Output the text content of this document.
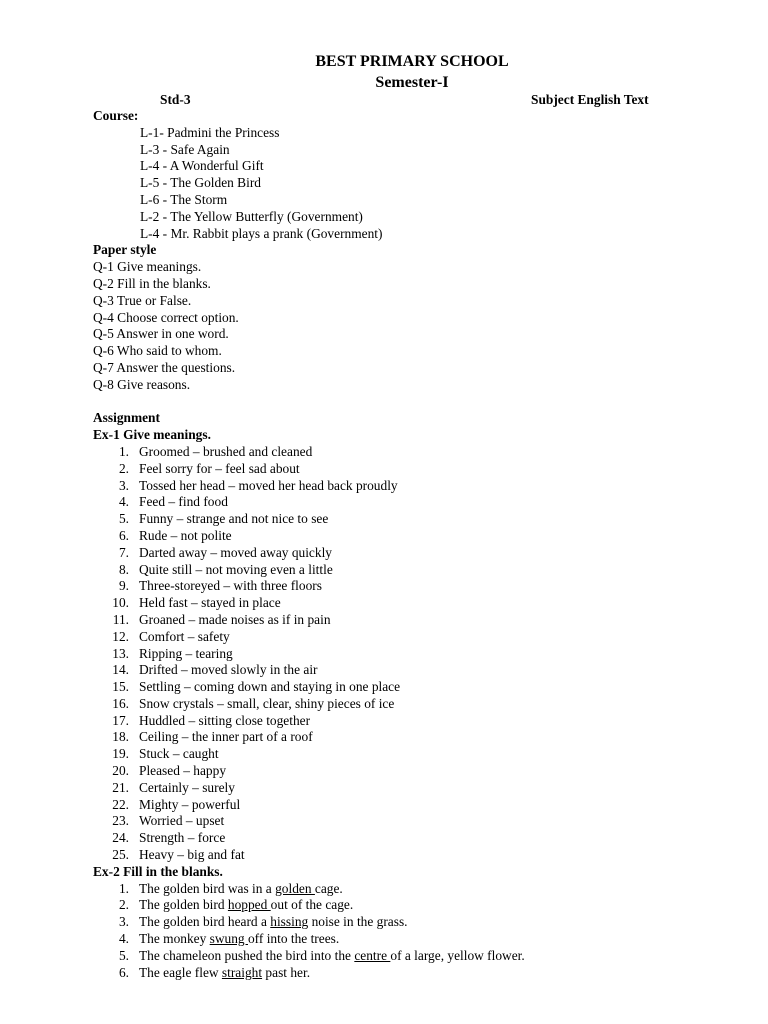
BEST PRIMARY SCHOOL
Semester-I
Std-3	Subject English Text
Course:
L-1- Padmini the Princess
L-3 - Safe Again
L-4 - A Wonderful Gift
L-5 - The Golden Bird
L-6 - The Storm
L-2 - The Yellow Butterfly (Government)
L-4 - Mr. Rabbit plays a prank (Government)
Paper style
Q-1 Give meanings.
Q-2 Fill in the blanks.
Q-3 True or False.
Q-4 Choose correct option.
Q-5 Answer in one word.
Q-6 Who said to whom.
Q-7 Answer the questions.
Q-8 Give reasons.
Assignment
Ex-1 Give meanings.
1. Groomed – brushed and cleaned
2. Feel sorry for – feel sad about
3. Tossed her head – moved her head back proudly
4. Feed – find food
5. Funny – strange and not nice to see
6. Rude – not polite
7. Darted away – moved away quickly
8. Quite still – not moving even a little
9. Three-storeyed – with three floors
10. Held fast – stayed in place
11. Groaned – made noises as if in pain
12. Comfort – safety
13. Ripping – tearing
14. Drifted – moved slowly in the air
15. Settling – coming down and staying in one place
16. Snow crystals – small, clear, shiny pieces of ice
17. Huddled – sitting close together
18. Ceiling – the inner part of a roof
19. Stuck – caught
20. Pleased – happy
21. Certainly – surely
22. Mighty – powerful
23. Worried – upset
24. Strength – force
25. Heavy – big and fat
Ex-2 Fill in the blanks.
1. The golden bird was in a golden cage.
2. The golden bird hopped out of the cage.
3. The golden bird heard a hissing noise in the grass.
4. The monkey swung off into the trees.
5. The chameleon pushed the bird into the centre of a large, yellow flower.
6. The eagle flew straight past her.
